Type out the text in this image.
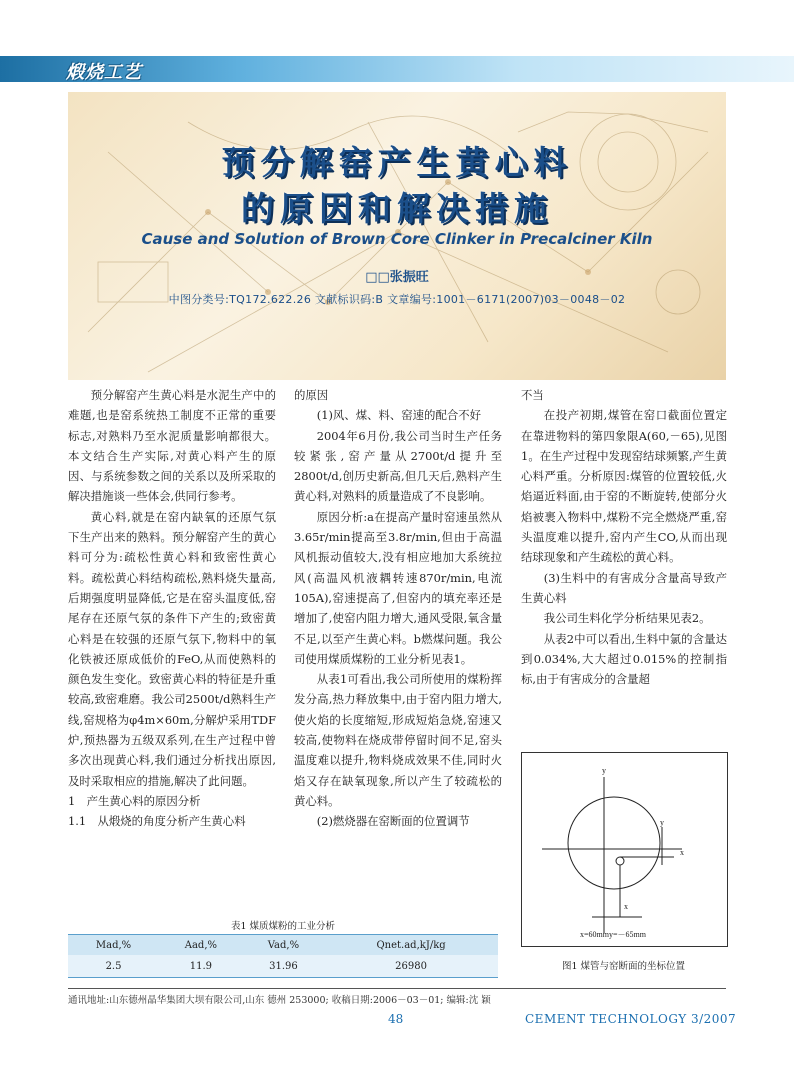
煅烧工艺
预分解窑产生黄心料
的原因和解决措施
Cause and Solution of Brown Core Clinker in Precalciner Kiln
□□张振旺
中图分类号:TQ172.622.26 文献标识码:B 文章编号:1001－6171(2007)03－0048－02

预分解窑产生黄心料是水泥生产中的难题,也是窑系统热工制度不正常的重要标志,对熟料乃至水泥质量影响都很大。本文结合生产实际,对黄心料产生的原因、与系统参数之间的关系以及所采取的解决措施谈一些体会,供同行参考。

黄心料,就是在窑内缺氧的还原气氛下生产出来的熟料。预分解窑产生的黄心料可分为:疏松性黄心料和致密性黄心料。疏松黄心料结构疏松,熟料烧失量高,后期强度明显降低,它是在窑头温度低,窑尾存在还原气氛的条件下产生的;致密黄心料是在较强的还原气氛下,物料中的氧化铁被还原成低价的FeO,从而使熟料的颜色发生变化。致密黄心料的特征是升重较高,致密难磨。我公司2500t/d熟料生产线,窑规格为φ4m×60m,分解炉采用TDF炉,预热器为五级双系列,在生产过程中曾多次出现黄心料,我们通过分析找出原因,及时采取相应的措施,解决了此问题。

1　产生黄心料的原因分析

1.1　从煅烧的角度分析产生黄心料

的原因

(1)风、煤、料、窑速的配合不好

2004年6月份,我公司当时生产任务较紧张,窑产量从2700t/d提升至2800t/d,创历史新高,但几天后,熟料产生黄心料,对熟料的质量造成了不良影响。

原因分析:a在提高产量时窑速虽然从3.65r/min提高至3.8r/min,但由于高温风机振动值较大,没有相应地加大系统拉风(高温风机液耦转速870r/min,电流105A),窑速提高了,但窑内的填充率还是增加了,使窑内阻力增大,通风受限,氧含量不足,以至产生黄心料。b燃煤问题。我公司使用煤质煤粉的工业分析见表1。

从表1可看出,我公司所使用的煤粉挥发分高,热力释放集中,由于窑内阻力增大,使火焰的长度缩短,形成短焰急烧,窑速又较高,使物料在烧成带停留时间不足,窑头温度难以提升,物料烧成效果不佳,同时火焰又存在缺氧现象,所以产生了较疏松的黄心料。

(2)燃烧器在窑断面的位置调节

不当

在投产初期,煤管在窑口截面位置定在靠进物料的第四象限A(60,－65),见图1。在生产过程中发现窑结球频繁,产生黄心料严重。分析原因:煤管的位置较低,火焰逼近料面,由于窑的不断旋转,使部分火焰被裹入物料中,煤粉不完全燃烧严重,窑头温度难以提升,窑内产生CO,从而出现结球现象和产生疏松的黄心料。

(3)生料中的有害成分含量高导致产生黄心料

我公司生料化学分析结果见表2。

从表2中可以看出,生料中氯的含量达到0.034%,大大超过0.015%的控制指标,由于有害成分的含量超

y
x
y
x
x=60mmy=－65mm
图1 煤管与窑断面的坐标位置
表1 煤质煤粉的工业分析
Mad,%	Aad,%	Vad,%	Qnet.ad,kJ/kg
2.5	11.9	31.96	26980
通讯地址:山东德州晶华集团大坝有限公司,山东 德州 253000; 收稿日期:2006－03－01; 编辑:沈 颖
48	CEMENT TECHNOLOGY 3/2007
